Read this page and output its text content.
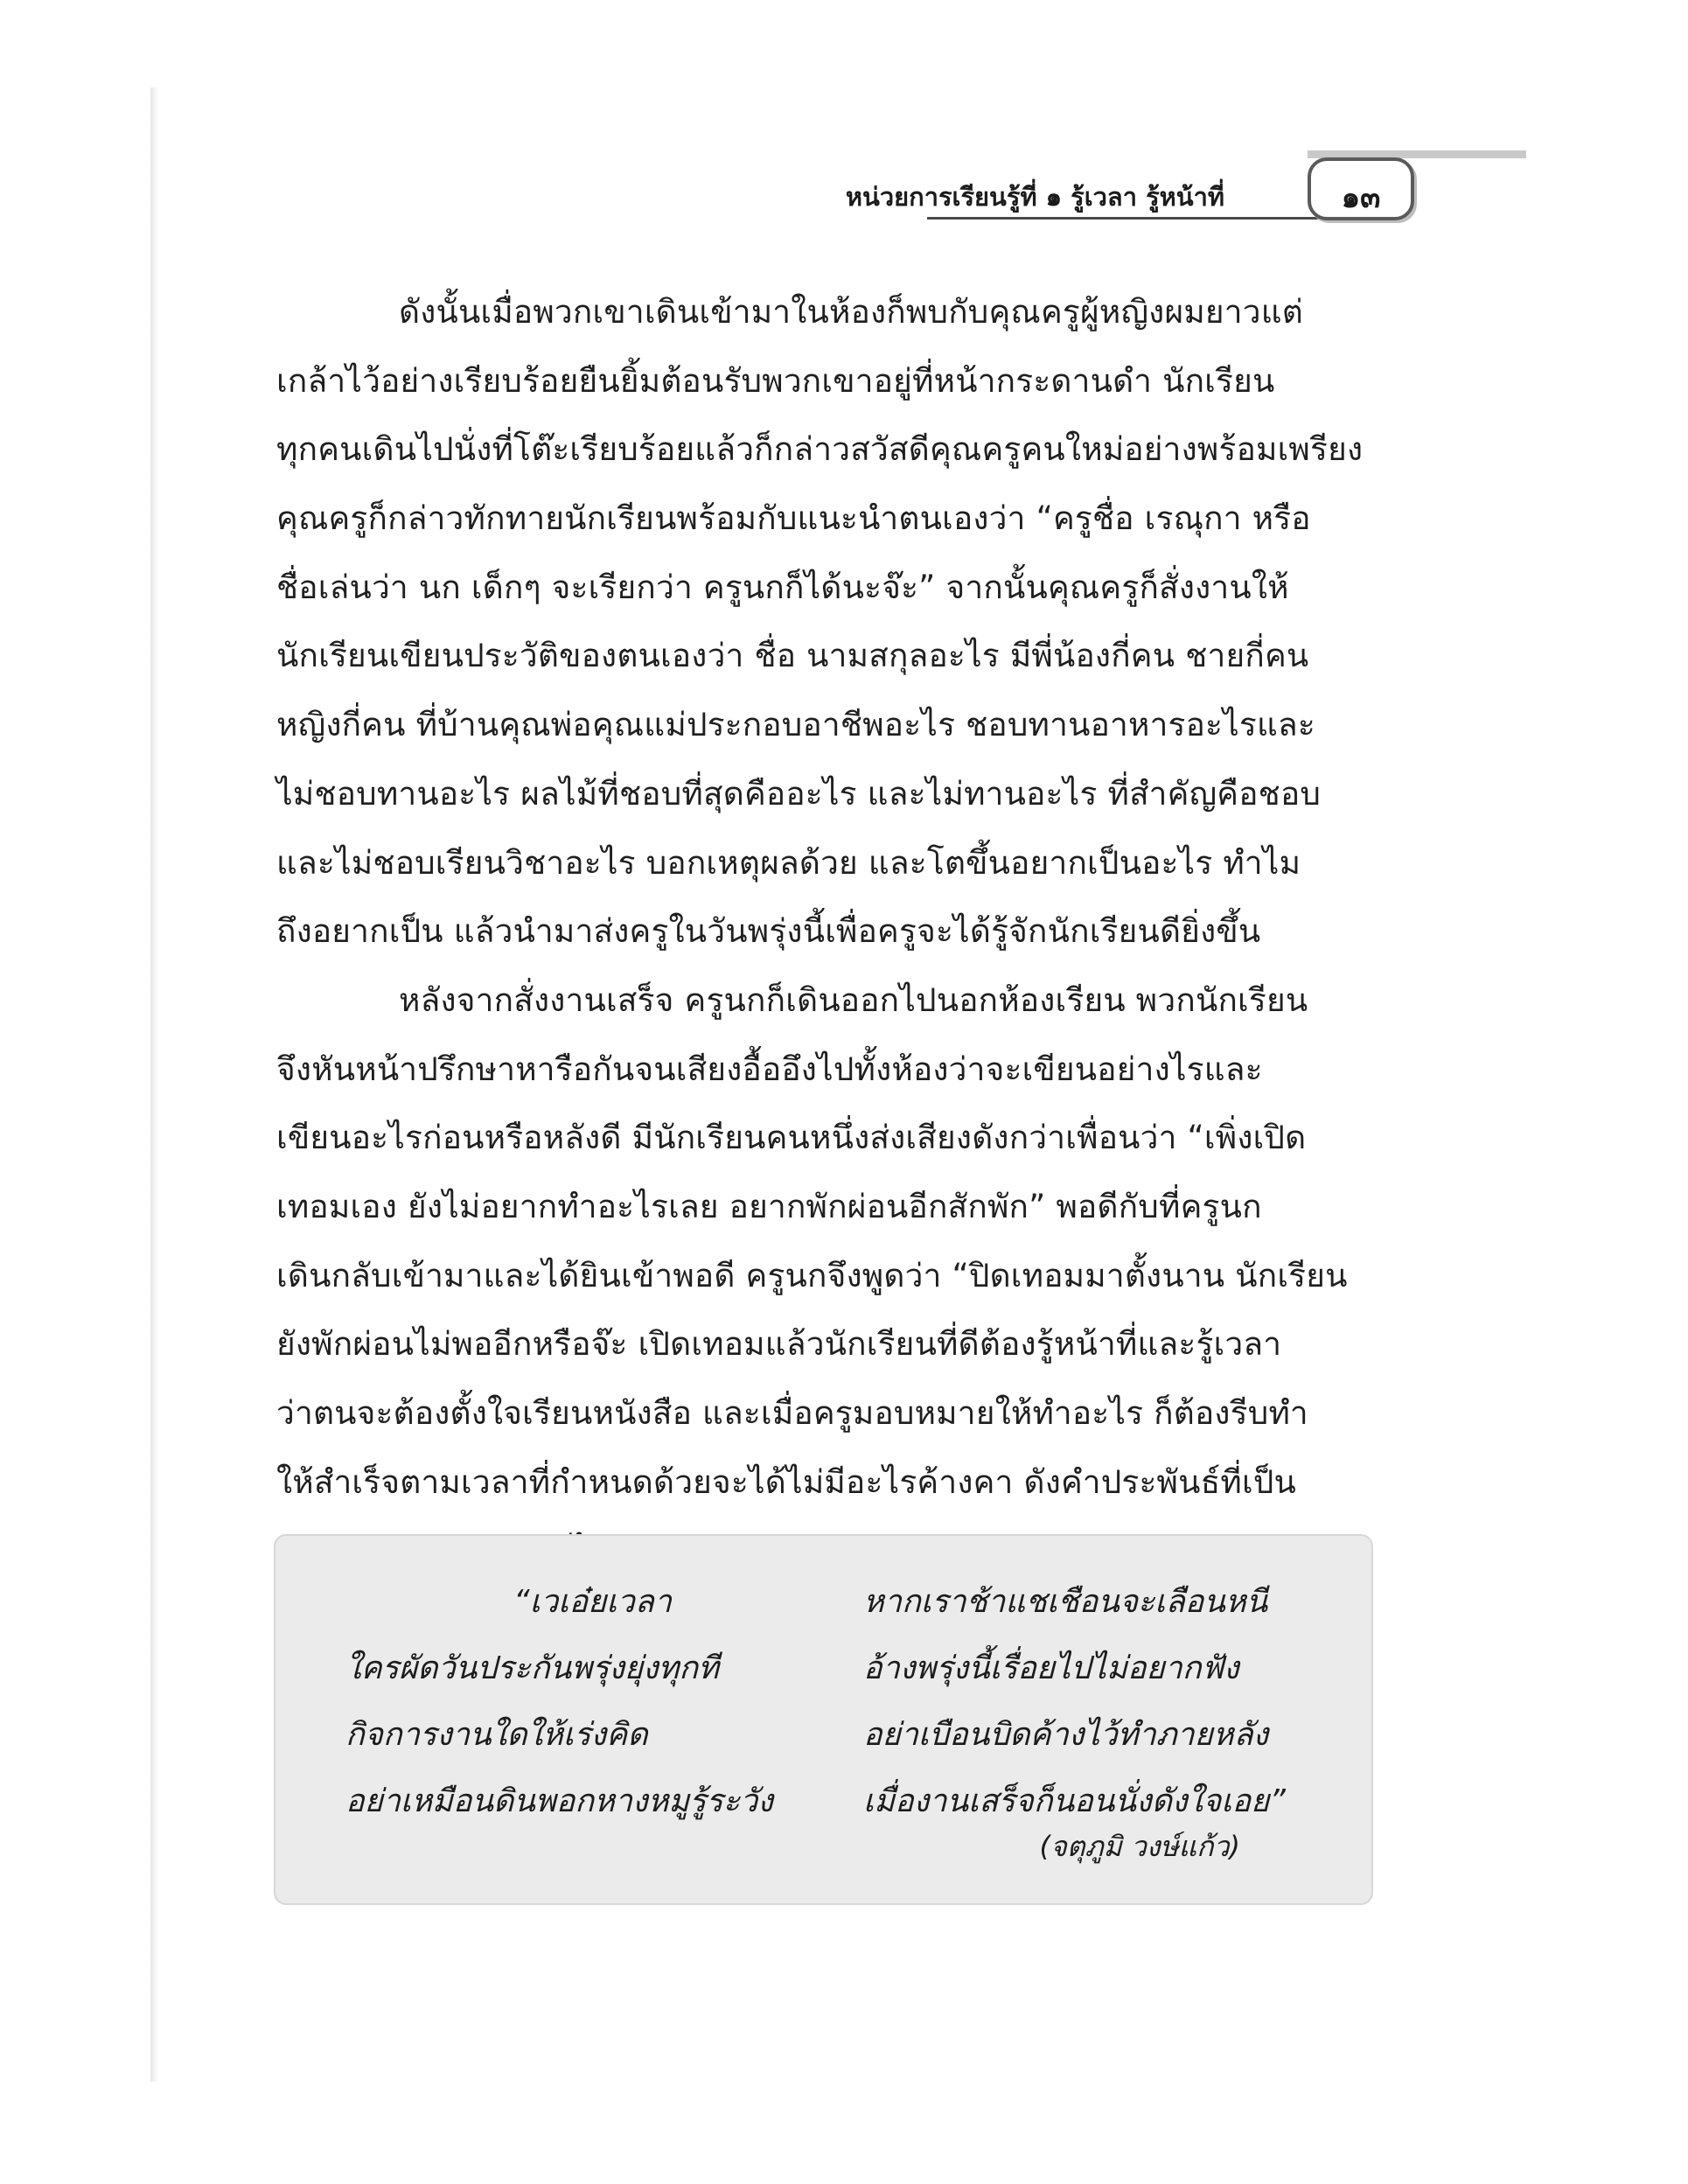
หน่วยการเรียนรู้ที่ ๑ รู้เวลา รู้หน้าที่	๑๓
ดังนั้นเมื่อพวกเขาเดินเข้ามาในห้องก็พบกับคุณครูผู้หญิงผมยาวแต่
เกล้าไว้อย่างเรียบร้อยยืนยิ้มต้อนรับพวกเขาอยู่ที่หน้ากระดานดำ นักเรียน
ทุกคนเดินไปนั่งที่โต๊ะเรียบร้อยแล้วก็กล่าวสวัสดีคุณครูคนใหม่อย่างพร้อมเพรียง
คุณครูก็กล่าวทักทายนักเรียนพร้อมกับแนะนำตนเองว่า “ครูชื่อ เรณุกา หรือ
ชื่อเล่นว่า นก เด็กๆ จะเรียกว่า ครูนกก็ได้นะจ๊ะ” จากนั้นคุณครูก็สั่งงานให้
นักเรียนเขียนประวัติของตนเองว่า ชื่อ นามสกุลอะไร มีพี่น้องกี่คน ชายกี่คน
หญิงกี่คน ที่บ้านคุณพ่อคุณแม่ประกอบอาชีพอะไร ชอบทานอาหารอะไรและ
ไม่ชอบทานอะไร ผลไม้ที่ชอบที่สุดคืออะไร และไม่ทานอะไร ที่สำคัญคือชอบ
และไม่ชอบเรียนวิชาอะไร บอกเหตุผลด้วย และโตขึ้นอยากเป็นอะไร ทำไม
ถึงอยากเป็น แล้วนำมาส่งครูในวันพรุ่งนี้เพื่อครูจะได้รู้จักนักเรียนดียิ่งขึ้น
หลังจากสั่งงานเสร็จ ครูนกก็เดินออกไปนอกห้องเรียน พวกนักเรียน
จึงหันหน้าปรึกษาหารือกันจนเสียงอื้ออึงไปทั้งห้องว่าจะเขียนอย่างไรและ
เขียนอะไรก่อนหรือหลังดี มีนักเรียนคนหนึ่งส่งเสียงดังกว่าเพื่อนว่า “เพิ่งเปิด
เทอมเอง ยังไม่อยากทำอะไรเลย อยากพักผ่อนอีกสักพัก” พอดีกับที่ครูนก
เดินกลับเข้ามาและได้ยินเข้าพอดี ครูนกจึงพูดว่า “ปิดเทอมมาตั้งนาน นักเรียน
ยังพักผ่อนไม่พออีกหรือจ๊ะ เปิดเทอมแล้วนักเรียนที่ดีต้องรู้หน้าที่และรู้เวลา
ว่าตนจะต้องตั้งใจเรียนหนังสือ และเมื่อครูมอบหมายให้ทำอะไร ก็ต้องรีบทำ
ให้สำเร็จตามเวลาที่กำหนดด้วยจะได้ไม่มีอะไรค้างคา ดังคำประพันธ์ที่เป็น
“เวเอ๋ยเวลา
ใครผัดวันประกันพรุ่งยุ่งทุกที
กิจการงานใดให้เร่งคิด
อย่าเหมือนดินพอกหางหมูรู้ระวัง
หากเราช้าแชเชือนจะเลือนหนี
อ้างพรุ่งนี้เรื่อยไปไม่อยากฟัง
อย่าเบือนบิดค้างไว้ทำภายหลัง
เมื่องานเสร็จก็นอนนั่งดังใจเอย”
(จตุภูมิ วงษ์แก้ว)
